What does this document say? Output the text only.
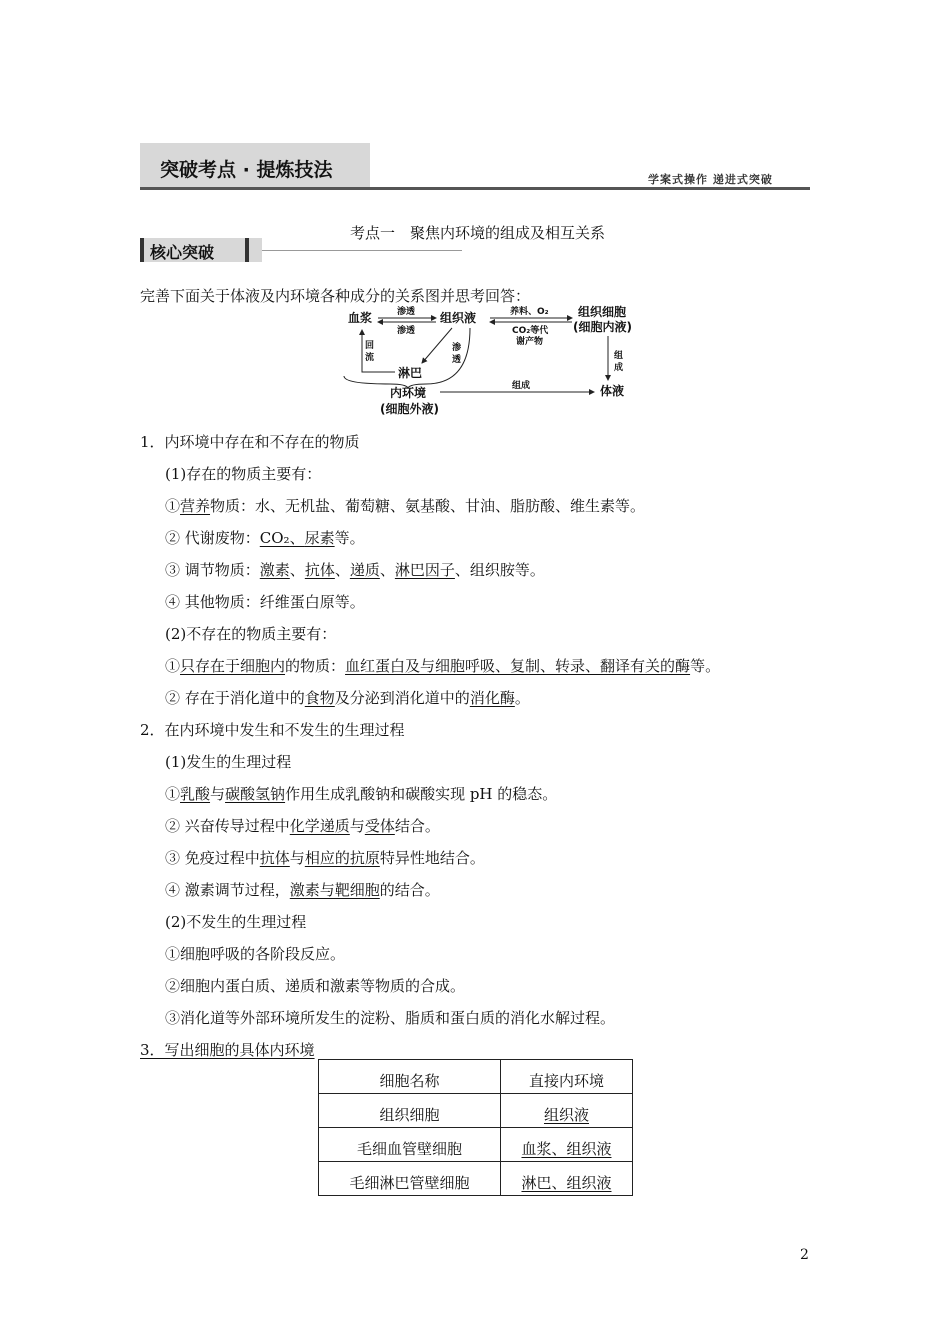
突破考点 · 提炼技法	学案式操作 递进式突破
考点一　聚焦内环境的组成及相互关系
核心突破
完善下面关于体液及内环境各种成分的关系图并思考回答：
血浆	组织液	组织细胞
(细胞内液)
淋巴
内环境
(细胞外液)
体液
渗透
渗透
养料、O₂
CO₂等代
谢产物
回
流
渗
透
组成
组
成
1．内环境中存在和不存在的物质
(1)存在的物质主要有：
①营养物质：水、无机盐、葡萄糖、氨基酸、甘油、脂肪酸、维生素等。
② 代谢废物：CO₂、尿素等。
③ 调节物质：激素、抗体、递质、淋巴因子、组织胺等。
④ 其他物质：纤维蛋白原等。
(2)不存在的物质主要有：
①只存在于细胞内的物质：血红蛋白及与细胞呼吸、复制、转录、翻译有关的酶等。
② 存在于消化道中的食物及分泌到消化道中的消化酶。
2．在内环境中发生和不发生的生理过程
(1)发生的生理过程
①乳酸与碳酸氢钠作用生成乳酸钠和碳酸实现 pH 的稳态。
② 兴奋传导过程中化学递质与受体结合。
③ 免疫过程中抗体与相应的抗原特异性地结合。
④ 激素调节过程，激素与靶细胞的结合。
(2)不发生的生理过程
①细胞呼吸的各阶段反应。
②细胞内蛋白质、递质和激素等物质的合成。
③消化道等外部环境所发生的淀粉、脂质和蛋白质的消化水解过程。
3．写出细胞的具体内环境
细胞名称	直接内环境
组织细胞	组织液
毛细血管壁细胞	血浆、组织液
毛细淋巴管壁细胞	淋巴、组织液
2
